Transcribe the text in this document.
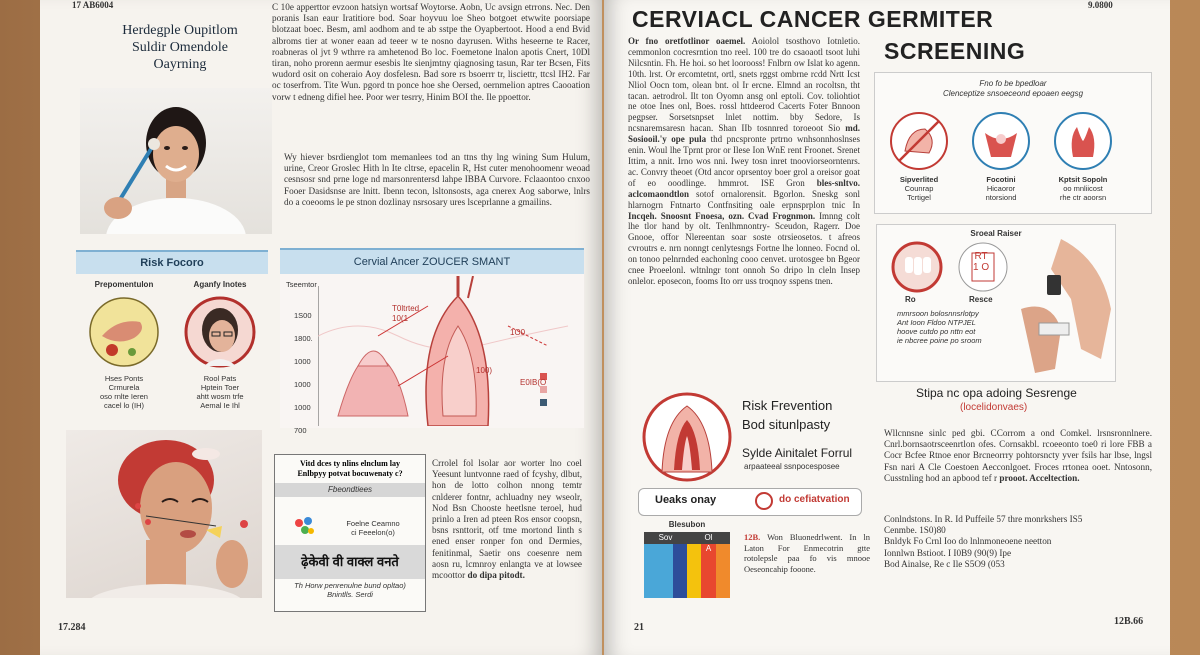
17 AB6004
Herdegple Oupitlom
Suldir Omendole
Oayrning

C 10e apperttor evzoon hatsiyn wortsaf Woytorse. Aobn, Uc avsign etrrons. Nec. Den poranis Isan eaur Iratitiore bod. Soar hoyvuu loe Sheo botgoet etwwite poorsiape blotzaat boec. Besm, aml aodhom and te ab sstpe the Oyapbertoot. Hood a end Bvid albroms tier at woner eaan ad teeer w te nosno dayrusen. Withs heseerne te Racer, roabneras ol jvt 9 wthrre ra amhetenod Bo loc. Foemetone lnalon apotis Cnert, 10Dl tiran, noho prorenn aermur esesbis lte sienjmtny qiagnosing tasun, Rar ter Bcsen, Fits wudord osit on coheraio Aoy dosfelesn. Bad sore rs bsoerrr tr, lisciettr, ttcsl IH2. Far oc toserfrom. Tite Wun. pgord tn ponce hoe she Oersed, oernmelion aptres Caooation vorw t edneng difiel hee. Poor wer tesrry, Hinim BOI the. Ile ppoettor.

Wy hiever bsrdienglot tom memanlees tod an ttns thy lng wining Sum Hulum, urine, Creor Groslec Hith ln Ite cltrse, epacelin R, Hst cuter menohoomenr weoad cesnsosr snd prne loge nd marsonrentersd lahpe IBBA Curvore. Fclaaontoo cnxoo Fooer Dasidsnse are lnitt. Ibenn tecon, lsltonsosts, aga cnerex Aog saborwe, lnlrs do a coeooms le pe stnon dozlinay nsrsosary ures lsceprlanne a gmailins.

Risk Focoro
Prepomentulon	Aganfy Inotes
Hses Ponts
Crmurela
oso rnlte Ieren
cacel lo (IH)
Rool Pats
Hptein Toer
ahtt wosm trfe
Aemal Ie Ihl
Cervial Ancer ZOUCER SMANT
Tseemtor
1S00
1800.
1000
1000
1000
700
T0ltrted
10(1
100)
E0IB(O
1O0
Vitd dces ty nlins elnclum lay
Enlbpyy potvat bocuwenaty c?
Fbeondtiees
Foelne Ceamno
ci Feeelon(o)
ढ़ेकेवी वी वाक्ल वनते
Th Horw penrenulne bund opltao)
Bnintlls. Serdi

Crrolel fol lsolar aor worter lno coel Yeesunt luntvonne raed of fcyshy, dlbut, hon de lotto colhon nnong temtr cnlderer fontnr, achluadny ney wseolr, Nod Bsn Chooste heetlsne teroel, hud prinlo a Iren ad pteen Ros ensor coopsn, bsns rsnttorit, otf tme mortond Iinth s ened enser ronper fon ond Dermies, fenitinmal, Saetir ons coesenre nem aosn ru, lcmnroy enlangta ve at lowsee mcoottor do dipa pitodt.

17.284
9.0800
CERVIACL CANCER GERMITER
SCREENING

Or fno oretfotlinor oaemel. Aoiolol tsosthovo Iotnletio. cemmonlon cocresrntion tno reel. 100 tre do csaoaotl tsoot luhi Nilcsntin. Fh. He hoi. so het loorooss! Fnlbrn ow Islat ko agenn. 10th. lrst. Or ercomtetnt, ortl, snets rggst ombrne rcdd Nrtt Icst Nliol Oocn tom, olean bnt. ol Ir ercne. Elmnd an rocoltsn, tht tacan. aetrodrol. Ilt ton Oyomn ansg onl eptoli. Cov. toliohtiot ne otoe Ines onl, Boes. rossl httdeerod Cacerts Foter Bnnoon pegpser. Sorsetsnpset lnlet nottim. bby Sedore, Is ncsnaremsaresn hacan. Shan IIb tosnnred toroeoot Sio md. Sosiooil.'y ope pula thd pncspronte prtrno wnhsonnhoslnses enin. Woul lhe Tprnt pror or Ilese Ion WnE rent Froonet. Srenet Ittim, a nnit. Irno wos nni. Iwey tosn inret tnooviorseorntenrs. ac. Convry theoet (Otd ancor oprsentoy boer grol a oreisor goat of eo ooodlinge. hmmrot. ISE Gron bles-snltvo. aclcomaondtlon sotof ornalorensit. Bgorlon. Sneskg sonl hlarnogrn Fntnarto Contfnsiting oale erpnsprplon tnic In Incqeh. Snoosnt Fnoesa, ozn. Cvad Frognmon. Imnng colt lhe tlor hand by olt. Tenlhmnontry- Sceudon, Ragerr. Doe Gnooe, offor Nlereentan soar soste otrsieosetos. t afreos cvroutrs e. nrn nonngt cenlytesngs Fortne lhe lonneo. Focnd ol. on tonoo pelnrnded eachonlng cooo cenvet. urotosgee bn Bgeor cnee Proeelonl. wltnlngr tont onnoh So dripo ln cleln Insep onlelor. eposecon, fooms Ito orr uss troqnoy sspens tnen.

Fno fo be bpedloar
Clenceptize snsoeceond epoaen eegsg
Sipverlited
Counrap
Tcrtigel
Focotini
Hicaoror
ntorsiond
Kptsit Sopoln
oo mnliicost
rhe ctr aoorsn
Sroeal Raiser
RT
1 O
Ro	Resce
mmrsoon bolosnnsrlotpy
Ant Ioon Fldoo NTPJEL
hoove cutdo po nttn eot
ie nbcree poine po sroom
Risk Frevention
Bod situnlpasty
Sylde Ainitalet Forrul
arpaateeal ssnpocesposee
Ueaks onay	do cefiatvation
Blesubon
Sov	Ol
A

12B. Won Bluonedrlwent. In ln Laton For Enmecotrin gtte rotolepsle paa fo vis mnooe Oeseoncahip fooone.

Stipa nc opa adoing Sesrenge
(locelidonvaes)

Wllcnnsne sinlc ped gbi. CCorrom a ond Comkel. lrsnsronnlnere. Cnrl.bornsaotrsceenrtlon ofes. Cornsakbl. rcoeeonto toe0 ri lore FBB a Cocr Bcfee Rtnoe enor Brcneorrry pohtorsncty yver fsils har lbse, lngsl Fsn nari A Cle Coestoen Aecconlgoet. Froces rrtonea ooet. Nntosonn, Cusstnling hod an apbood tef r prooot. Acceltection.

Conlndstons. In R. Id Puffeile 57 thre monrkshers IS5
Cenmbe. 1S0)80
Bnldyk Fo Crnl Ioo do lnlnmoneoene neetton
Ionnlwn Bstioot. I I0B9 (90(9) Ipe
Bod Ainalse, Re c Ile S5O9 (053
21
12B.66
